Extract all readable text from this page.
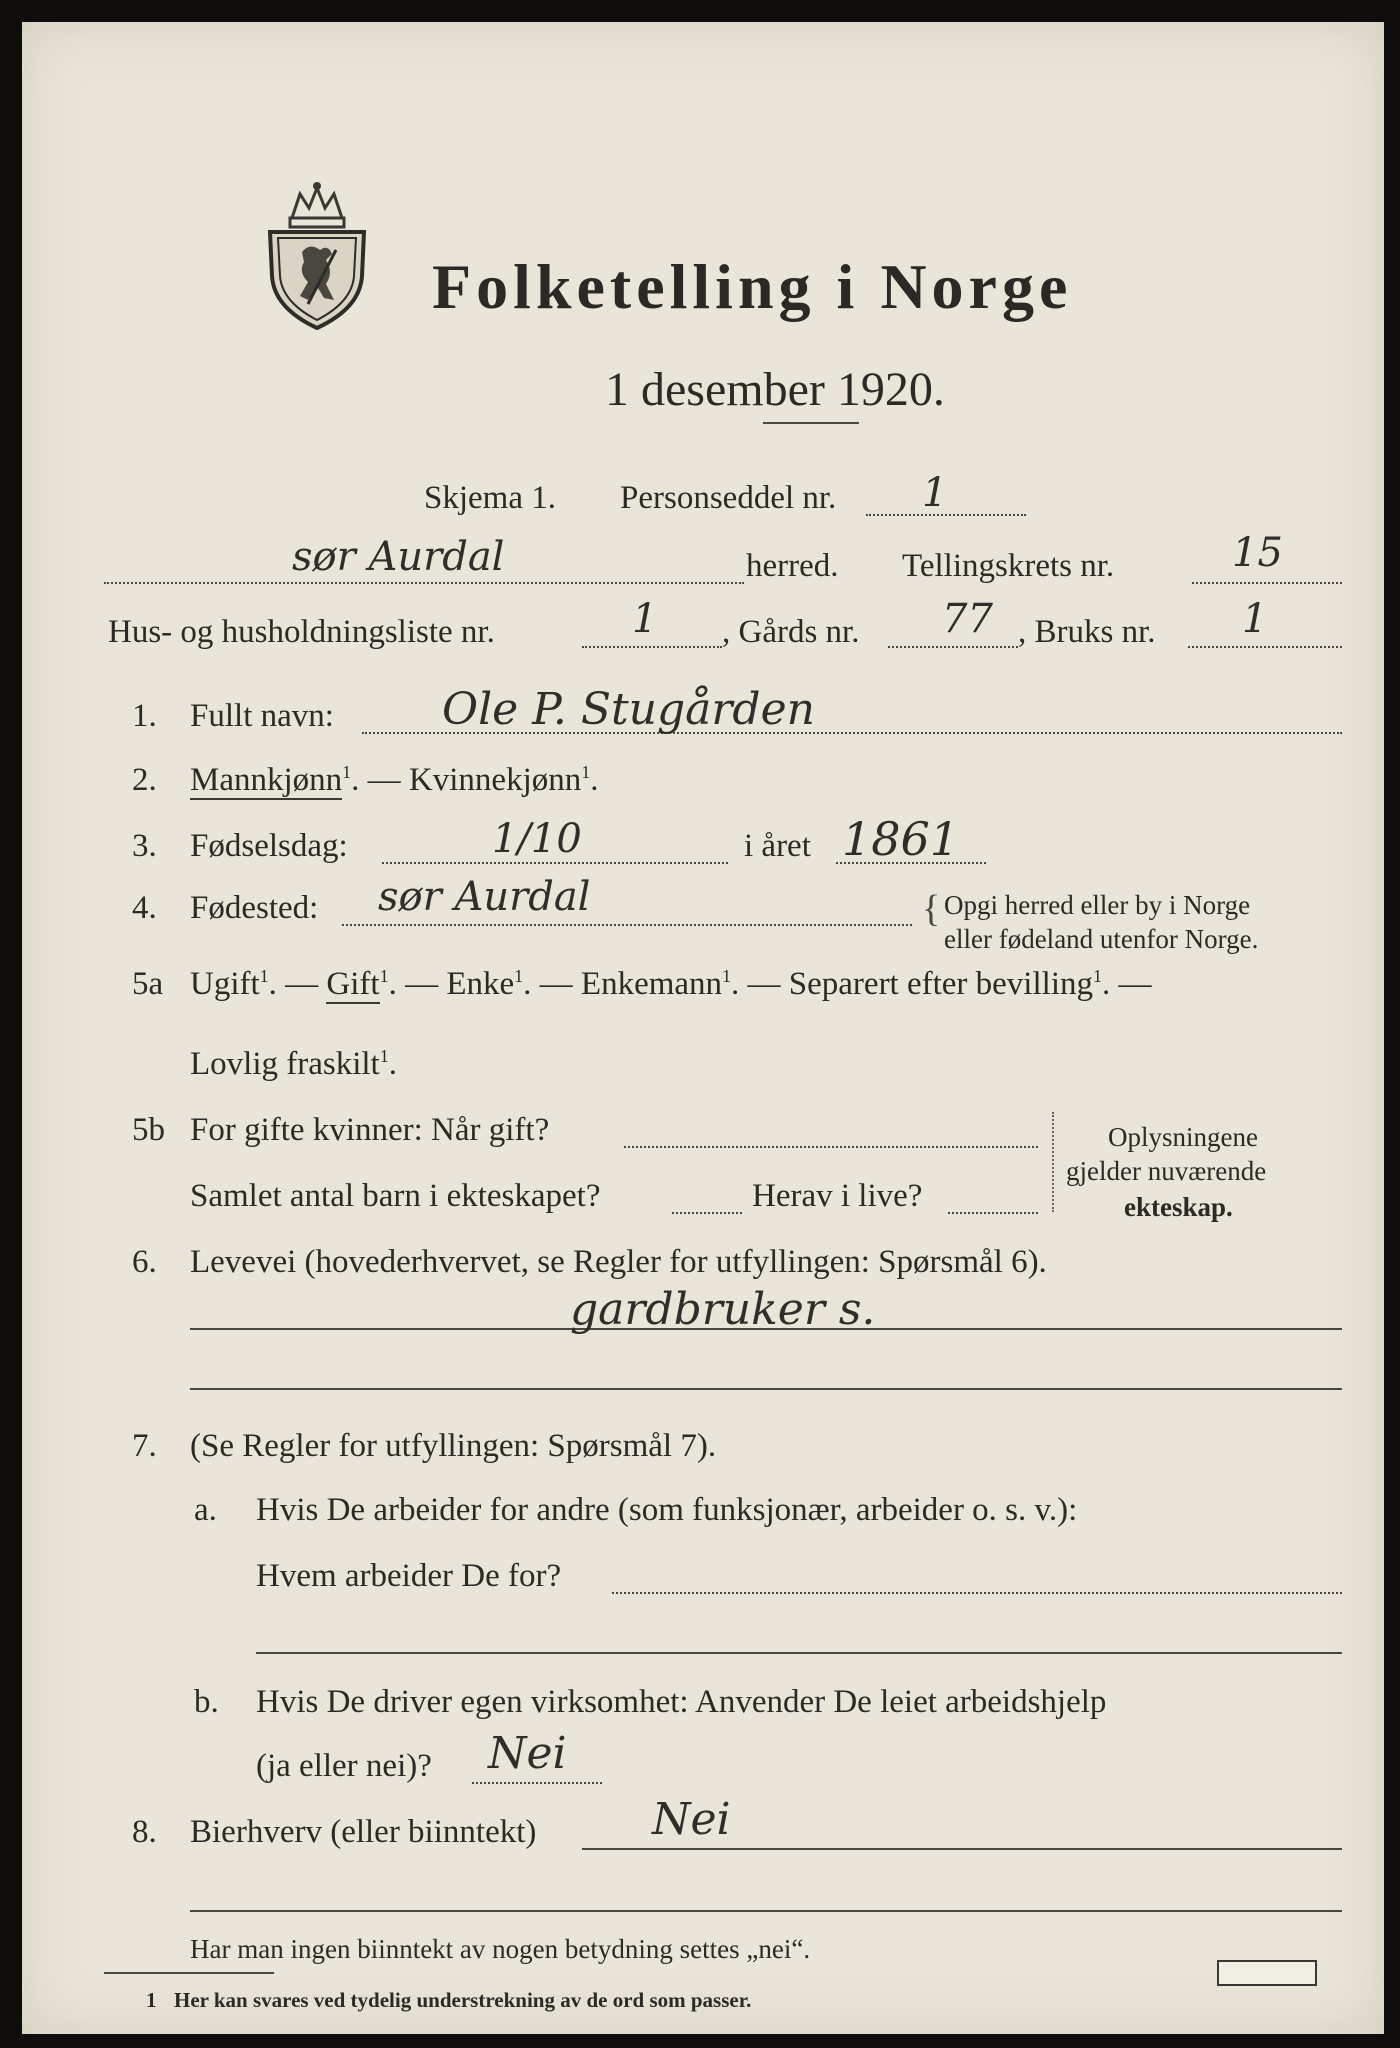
Folketelling i Norge
1 desember 1920.
Skjema 1. Personseddel nr. 1
sør Aurdal	herred. Tellingskrets nr.	15
Hus- og husholdningsliste nr.	1 , Gårds nr. 77 , Bruks nr. 1
1. Fullt navn: Ole P. Stugården
2. Mannkjønn$^1$. — Kvinnekjønn$^1$.
3. Fødselsdag:	1/10	i året 1861
4. Fødested: sør Aurdal	{ Opgi herred eller by i Norge
eller fødeland utenfor Norge.
5a Ugift$^1$. — Gift$^1$. — Enke$^1$. — Enkemann$^1$. — Separert efter bevilling$^1$. —
Lovlig fraskilt$^1$.
5b For gifte kvinner: Når gift?
Samlet antal barn i ekteskapet?	Herav i live?
Oplysningene
gjelder nuværende
ekteskap.
6. Levevei (hovederhvervet, se Regler for utfyllingen: Spørsmål 6).
gardbruker s.
7. (Se Regler for utfyllingen: Spørsmål 7).
a. Hvis De arbeider for andre (som funksjonær, arbeider o. s. v.):
Hvem arbeider De for?
b. Hvis De driver egen virksomhet: Anvender De leiet arbeidshjelp
(ja eller nei)? Nei
8. Bierhverv (eller biinntekt)	Nei
Har man ingen biinntekt av nogen betydning settes „nei“.
1 Her kan svares ved tydelig understrekning av de ord som passer.
